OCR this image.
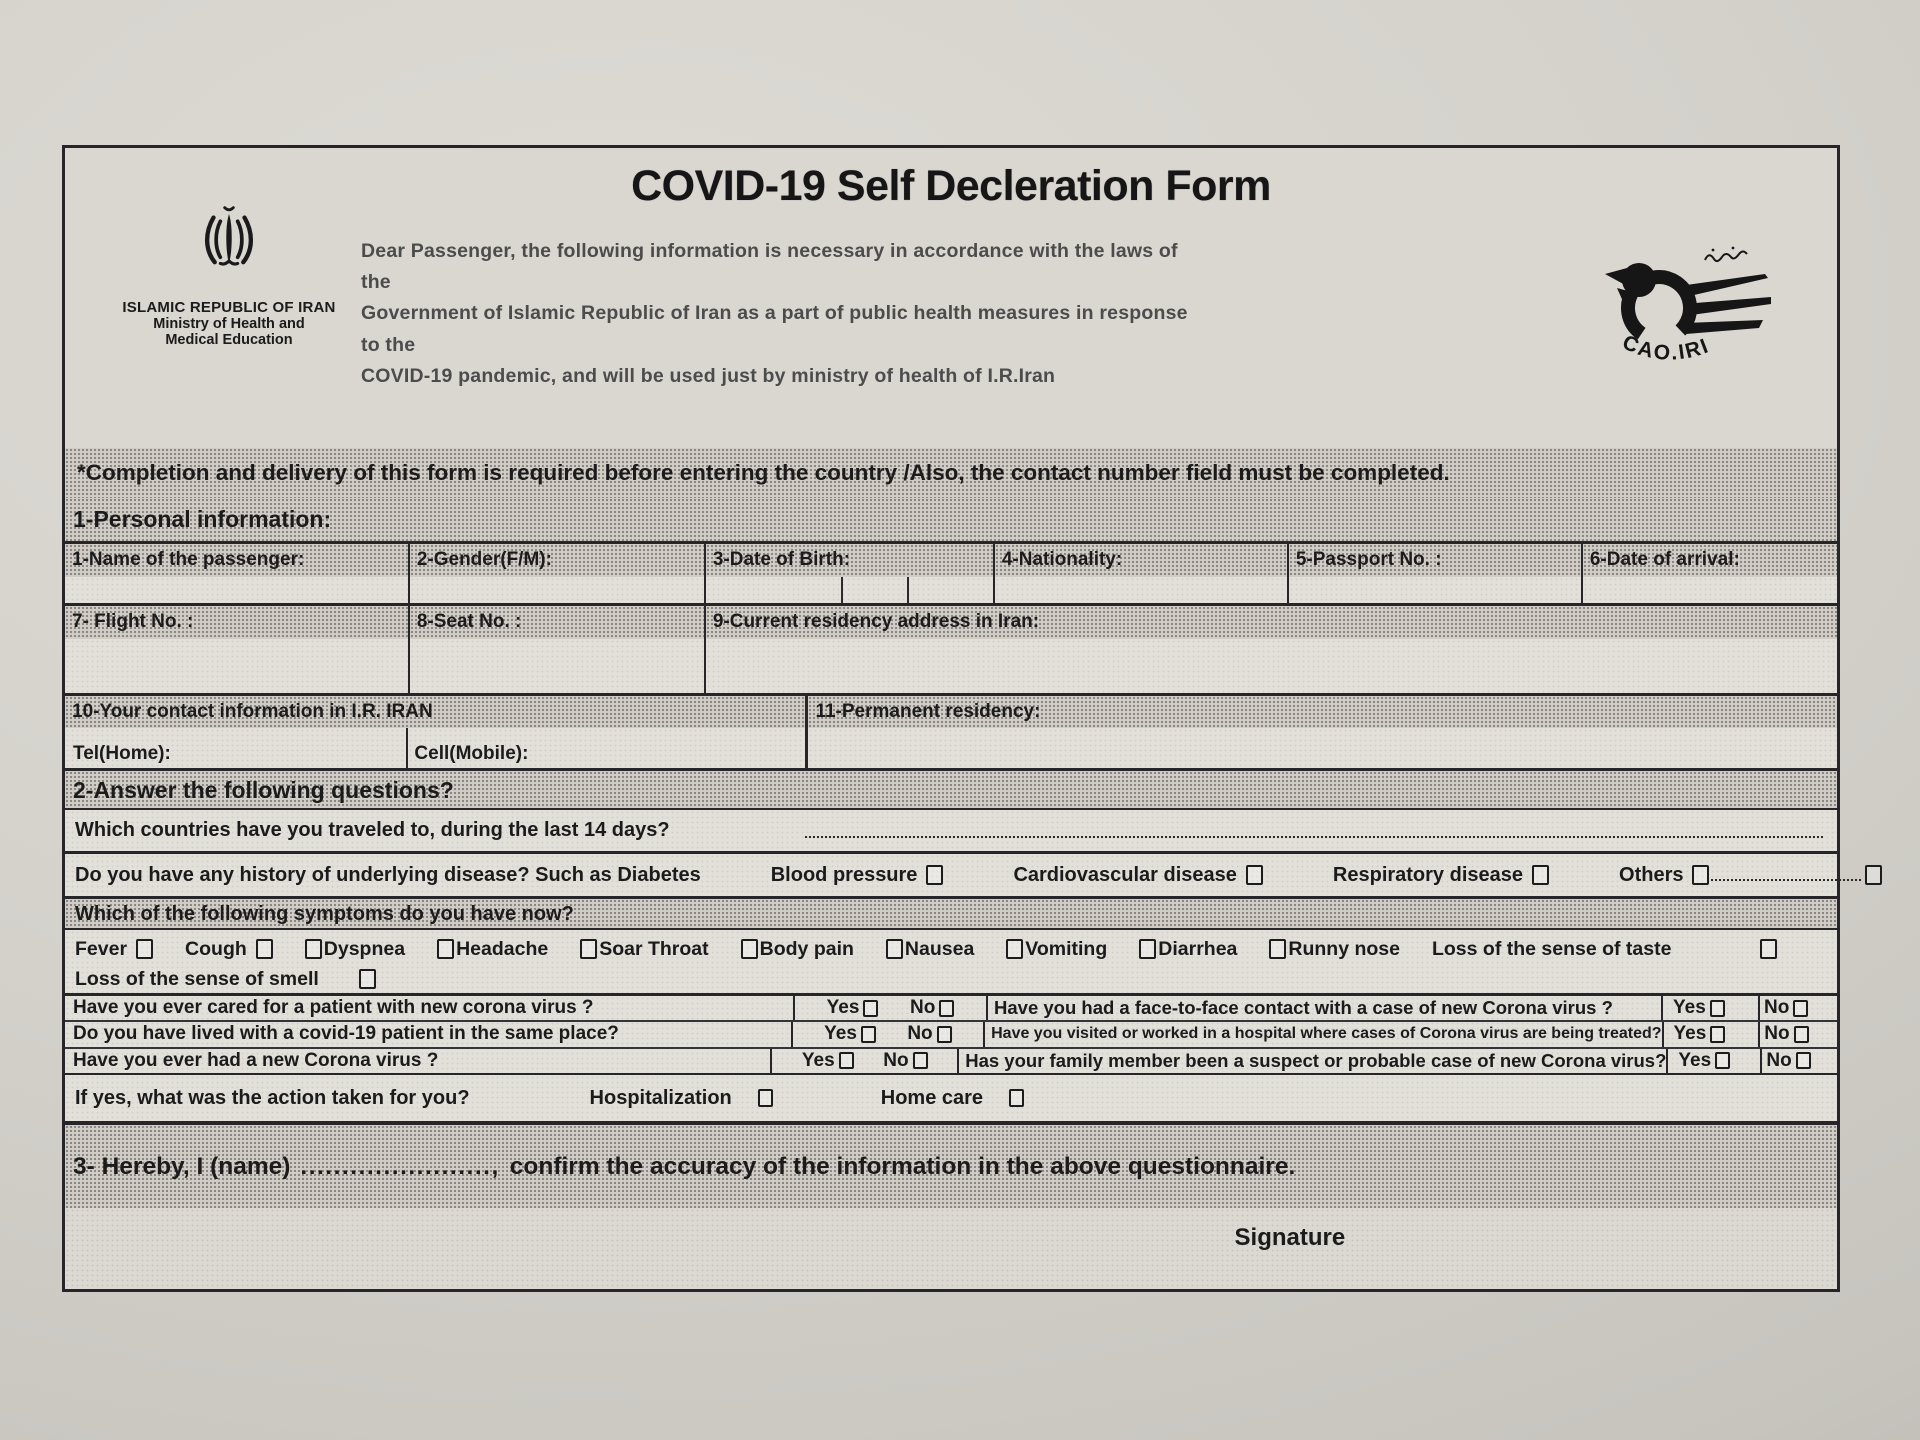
COVID-19 Self Decleration Form
ISLAMIC REPUBLIC OF IRAN
Ministry of Health and
Medical Education
Dear Passenger, the following information is necessary in accordance with the laws of the
Government of Islamic Republic of Iran as a part of public health measures in response to the
COVID-19 pandemic, and will be used just by ministry of health of I.R.Iran
CAO.IRI
*Completion and delivery of this form is required before entering the country /Also, the contact number field must be completed.
1-Personal information:
1-Name of the passenger:	2-Gender(F/M):	3-Date of Birth:	4-Nationality:	5-Passport No. :	6-Date of arrival:
7- Flight No. :	8-Seat No. :	9-Current residency address in Iran:
10-Your contact information in I.R. IRAN
Tel(Home):	Cell(Mobile):
11-Permanent residency:
2-Answer the following questions?
Which countries have you traveled to, during the last 14 days?
Do you have any history of underlying disease? Such as Diabetes	Blood pressure	Cardiovascular disease	Respiratory disease	Others
Which of the following symptoms do you have now?
Fever	Cough	Dyspnea	Headache	Soar Throat	Body pain	Nausea	Vomiting	Diarrhea	Runny nose Loss of the sense of taste
Loss of the sense of smell
Have you ever cared for a patient with new corona virus ?	Yes	No	Have you had a face-to-face contact with a case of new Corona virus ?	Yes	No
Do you have lived with a covid-19 patient in the same place?	Yes	No	Have you visited or worked in a hospital where cases of Corona virus are being treated? Yes	No
Have you ever had a new Corona virus ?	Yes	No	Has your family member been a suspect or probable case of new Corona virus? Yes	No
If yes, what was the action taken for you?	Hospitalization	Home care
3- Hereby, I (name) ......................., confirm the accuracy of the information in the above questionnaire.
Signature
